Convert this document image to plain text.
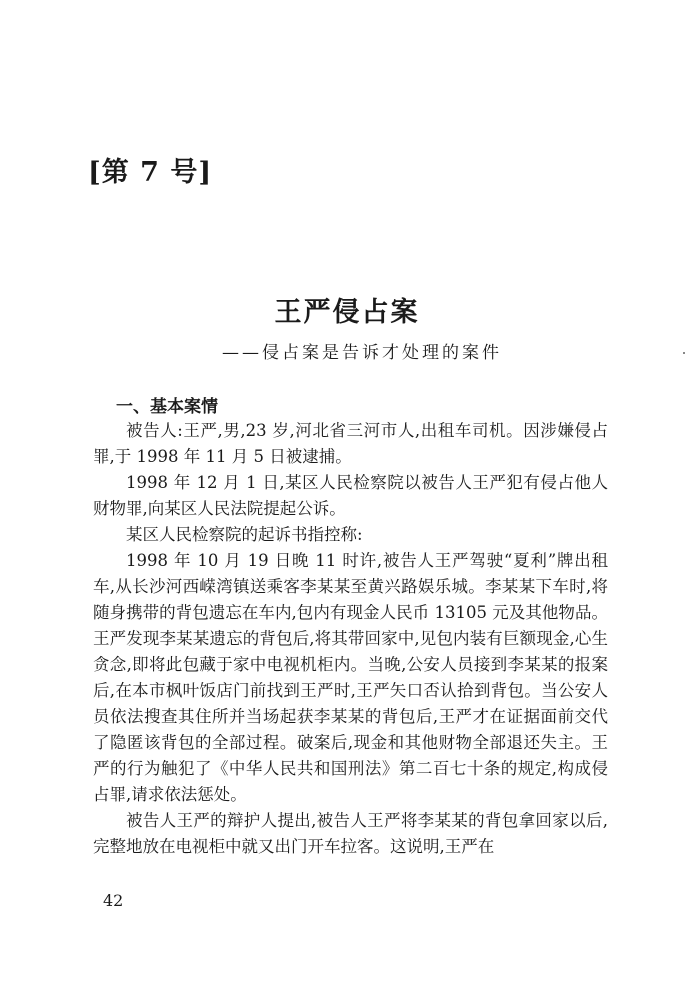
[第 7 号]
王严侵占案
——侵占案是告诉才处理的案件
一、基本案情

被告人:王严,男,23 岁,河北省三河市人,出租车司机。因涉嫌侵占罪,于 1998 年 11 月 5 日被逮捕。

1998 年 12 月 1 日,某区人民检察院以被告人王严犯有侵占他人财物罪,向某区人民法院提起公诉。

某区人民检察院的起诉书指控称:

1998 年 10 月 19 日晚 11 时许,被告人王严驾驶“夏利”牌出租车,从长沙河西嵘湾镇送乘客李某某至黄兴路娱乐城。李某某下车时,将随身携带的背包遗忘在车内,包内有现金人民币 13105 元及其他物品。王严发现李某某遗忘的背包后,将其带回家中,见包内装有巨额现金,心生贪念,即将此包藏于家中电视机柜内。当晚,公安人员接到李某某的报案后,在本市枫叶饭店门前找到王严时,王严矢口否认拾到背包。当公安人员依法搜查其住所并当场起获李某某的背包后,王严才在证据面前交代了隐匿该背包的全部过程。破案后,现金和其他财物全部退还失主。王严的行为触犯了《中华人民共和国刑法》第二百七十条的规定,构成侵占罪,请求依法惩处。

被告人王严的辩护人提出,被告人王严将李某某的背包拿回家以后,完整地放在电视柜中就又出门开车拉客。这说明,王严在

42
